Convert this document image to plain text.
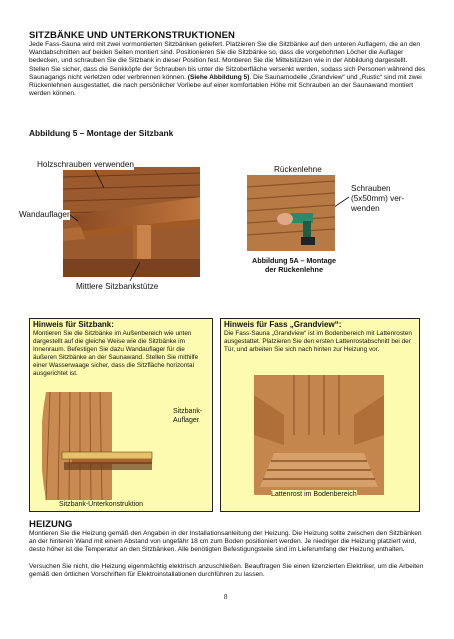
SITZBÄNKE UND UNTERKONSTRUKTIONEN
Jede Fass-Sauna wird mit zwei vormontierten Sitzbänken geliefert. Platzieren Sie die Sitzbänke auf den unteren Auflagern, die an den Wandabschnitten auf beiden Seiten montiert sind. Positionieren Sie die Sitzbänke so, dass die vorgebohrten Löcher die Auflager bedecken, und schrauben Sie die Sitzbank in dieser Position fest. Montieren Sie die Mittelstützen wie in der Abbildung dargestellt. Stellen Sie sicher, dass die Senkköpfe der Schrauben bis unter die Sitzoberfläche versenkt werden, sodass sich Personen während des Saunagangs nicht verletzen oder verbrennen können. (Siehe Abbildung 5). Die Saunamodelle „Grandview“ und „Rustic“ sind mit zwei Rückenlehnen ausgestattet, die nach persönlicher Vorliebe auf einer komfortablen Höhe mit Schrauben an der Saunawand montiert werden können.
Abbildung 5 – Montage der Sitzbank
Holzschrauben verwenden
Wandauflager
Mittlere Sitzbankstütze
Rückenlehne
Schrauben
(5x50mm) ver-
wenden
Abbildung 5A – Montage
der Rückenlehne
Hinweis für Sitzbank:
Montieren Sie die Sitzbänke im Außenbereich wie unten dargestellt auf die gleiche Weise wie die Sitzbänke im Innenraum. Befestigen Sie dazu Wandauflager für die äußeren Sitzbänke an der Saunawand. Stellen Sie mithilfe einer Wasserwaage sicher, dass die Sitzfläche horizontal ausgerichtet ist.
Sitzbank-
Auflager
Sitzbank-Unterkonstruktion
Hinweis für Fass „Grandview“:
Die Fass-Sauna „Grandview“ ist im Bodenbereich mit Lattenrosten ausgestattet. Platzieren Sie den ersten Lattenrostabschnitt bei der Tür, und arbeiten Sie sich nach hinten zur Heizung vor.
Lattenrost im Bodenbereich
HEIZUNG
Montieren Sie die Heizung gemäß den Angaben in der Installationsanleitung der Heizung. Die Heizung sollte zwischen den Sitzbänken an der hinteren Wand mit einem Abstand von ungefähr 18 cm zum Boden positioniert werden. Je niedriger die Heizung platziert wird, desto höher ist die Temperatur an den Sitzbänken. Alle benötigten Befestigungsteile sind im Lieferumfang der Heizung enthalten.
Versuchen Sie nicht, die Heizung eigenmächtig elektrisch anzuschließen. Beauftragen Sie einen lizenzierten Elektriker, um die Arbeiten gemäß den örtlichen Vorschriften für Elektroinstallationen durchführen zu lassen.
8
